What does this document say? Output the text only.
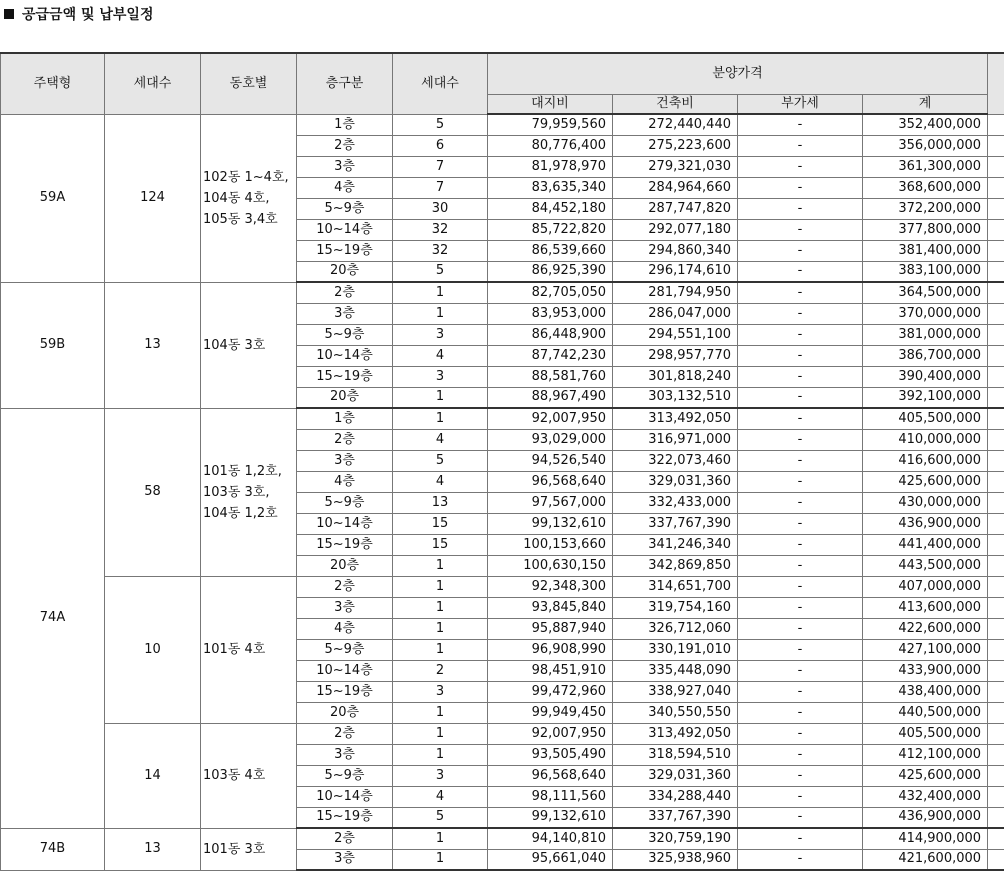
공급금액 및 납부일정
주택형	세대수	동호별	층구분	세대수	분양가격				
					대지비	건축비	부가세	계	
59A	124	102동 1~4호, 104동 4호, 105동 3,4호	1층	5	79,959,560	272,440,440	-	352,400,000	
			2층	6	80,776,400	275,223,600	-	356,000,000	
			3층	7	81,978,970	279,321,030	-	361,300,000	
			4층	7	83,635,340	284,964,660	-	368,600,000	
			5~9층	30	84,452,180	287,747,820	-	372,200,000	
			10~14층	32	85,722,820	292,077,180	-	377,800,000	
			15~19층	32	86,539,660	294,860,340	-	381,400,000	
			20층	5	86,925,390	296,174,610	-	383,100,000	
59B	13	104동 3호	2층	1	82,705,050	281,794,950	-	364,500,000	
			3층	1	83,953,000	286,047,000	-	370,000,000	
			5~9층	3	86,448,900	294,551,100	-	381,000,000	
			10~14층	4	87,742,230	298,957,770	-	386,700,000	
			15~19층	3	88,581,760	301,818,240	-	390,400,000	
			20층	1	88,967,490	303,132,510	-	392,100,000	
74A	58	101동 1,2호, 103동 3호, 104동 1,2호	1층	1	92,007,950	313,492,050	-	405,500,000	
			2층	4	93,029,000	316,971,000	-	410,000,000	
			3층	5	94,526,540	322,073,460	-	416,600,000	
			4층	4	96,568,640	329,031,360	-	425,600,000	
			5~9층	13	97,567,000	332,433,000	-	430,000,000	
			10~14층	15	99,132,610	337,767,390	-	436,900,000	
			15~19층	15	100,153,660	341,246,340	-	441,400,000	
			20층	1	100,630,150	342,869,850	-	443,500,000	
	10	101동 4호	2층	1	92,348,300	314,651,700	-	407,000,000	
			3층	1	93,845,840	319,754,160	-	413,600,000	
			4층	1	95,887,940	326,712,060	-	422,600,000	
			5~9층	1	96,908,990	330,191,010	-	427,100,000	
			10~14층	2	98,451,910	335,448,090	-	433,900,000	
			15~19층	3	99,472,960	338,927,040	-	438,400,000	
			20층	1	99,949,450	340,550,550	-	440,500,000	
	14	103동 4호	2층	1	92,007,950	313,492,050	-	405,500,000	
			3층	1	93,505,490	318,594,510	-	412,100,000	
			5~9층	3	96,568,640	329,031,360	-	425,600,000	
			10~14층	4	98,111,560	334,288,440	-	432,400,000	
			15~19층	5	99,132,610	337,767,390	-	436,900,000	
74B	13	101동 3호	2층	1	94,140,810	320,759,190	-	414,900,000	
			3층	1	95,661,040	325,938,960	-	421,600,000	
